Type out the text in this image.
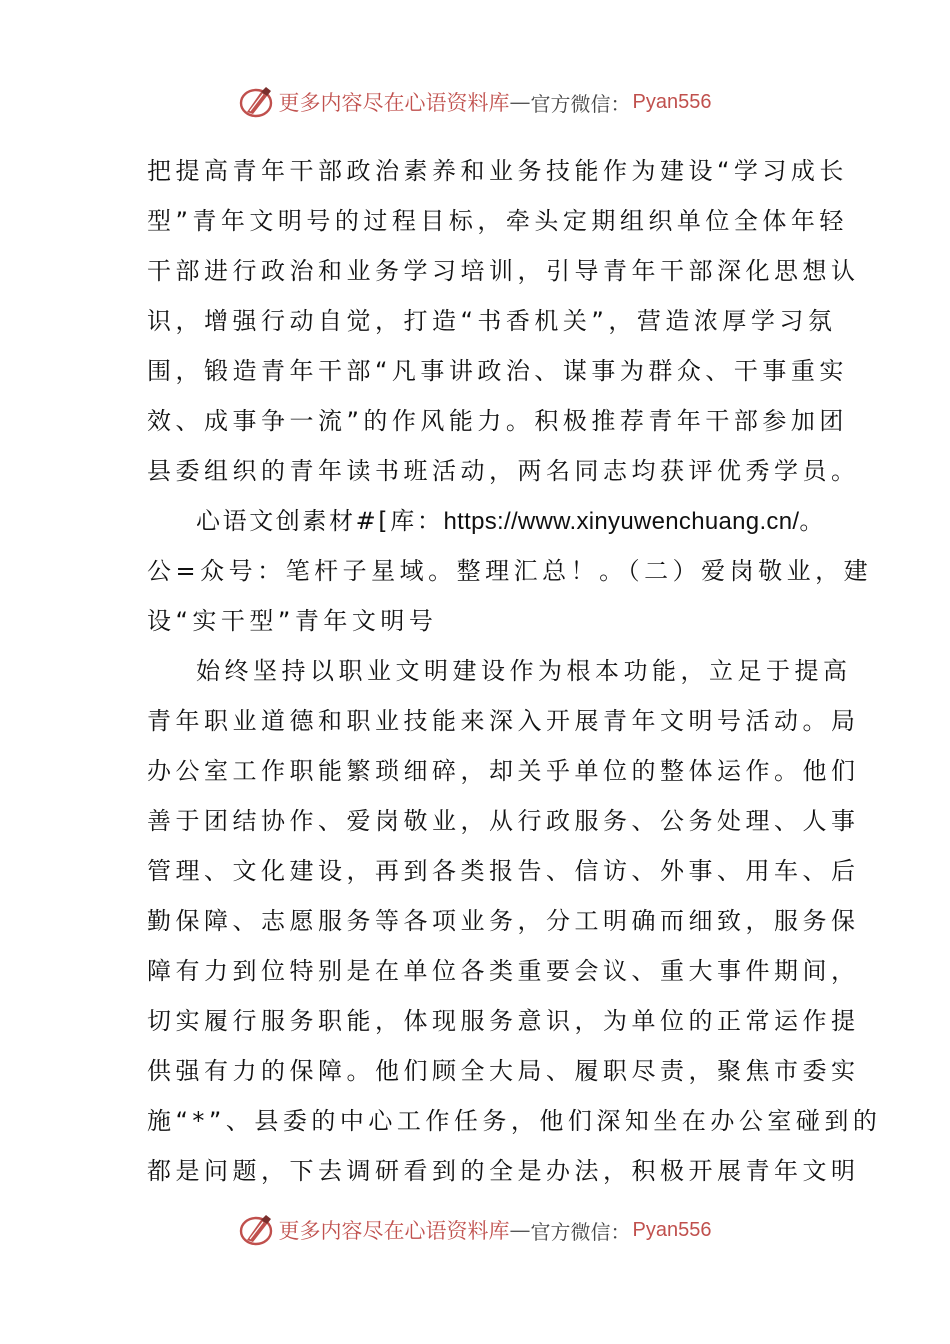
更多内容尽在心语资料库 — 官方微信： Pyan556
把提高青年干部政治素养和业务技能作为建设“学习成长
型”青年文明号的过程目标，牵头定期组织单位全体年轻
干部进行政治和业务学习培训，引导青年干部深化思想认
识，增强行动自觉，打造“书香机关”，营造浓厚学习氛
围，锻造青年干部“凡事讲政治、谋事为群众、干事重实
效、成事争一流”的作风能力。积极推荐青年干部参加团
县委组织的青年读书班活动，两名同志均获评优秀学员。
心语文创素材#[库：https://www.xinyuwenchuang.cn/。
公=众号：笔杆子星域。整理汇总！。（二）爱岗敬业，建
设“实干型”青年文明号
始终坚持以职业文明建设作为根本功能，立足于提高
青年职业道德和职业技能来深入开展青年文明号活动。局
办公室工作职能繁琐细碎，却关乎单位的整体运作。他们
善于团结协作、爱岗敬业，从行政服务、公务处理、人事
管理、文化建设，再到各类报告、信访、外事、用车、后
勤保障、志愿服务等各项业务，分工明确而细致，服务保
障有力到位特别是在单位各类重要会议、重大事件期间，
切实履行服务职能，体现服务意识，为单位的正常运作提
供强有力的保障。他们顾全大局、履职尽责，聚焦市委实
施“*”、县委的中心工作任务，他们深知坐在办公室碰到的
都是问题，下去调研看到的全是办法，积极开展青年文明
更多内容尽在心语资料库 — 官方微信： Pyan556
